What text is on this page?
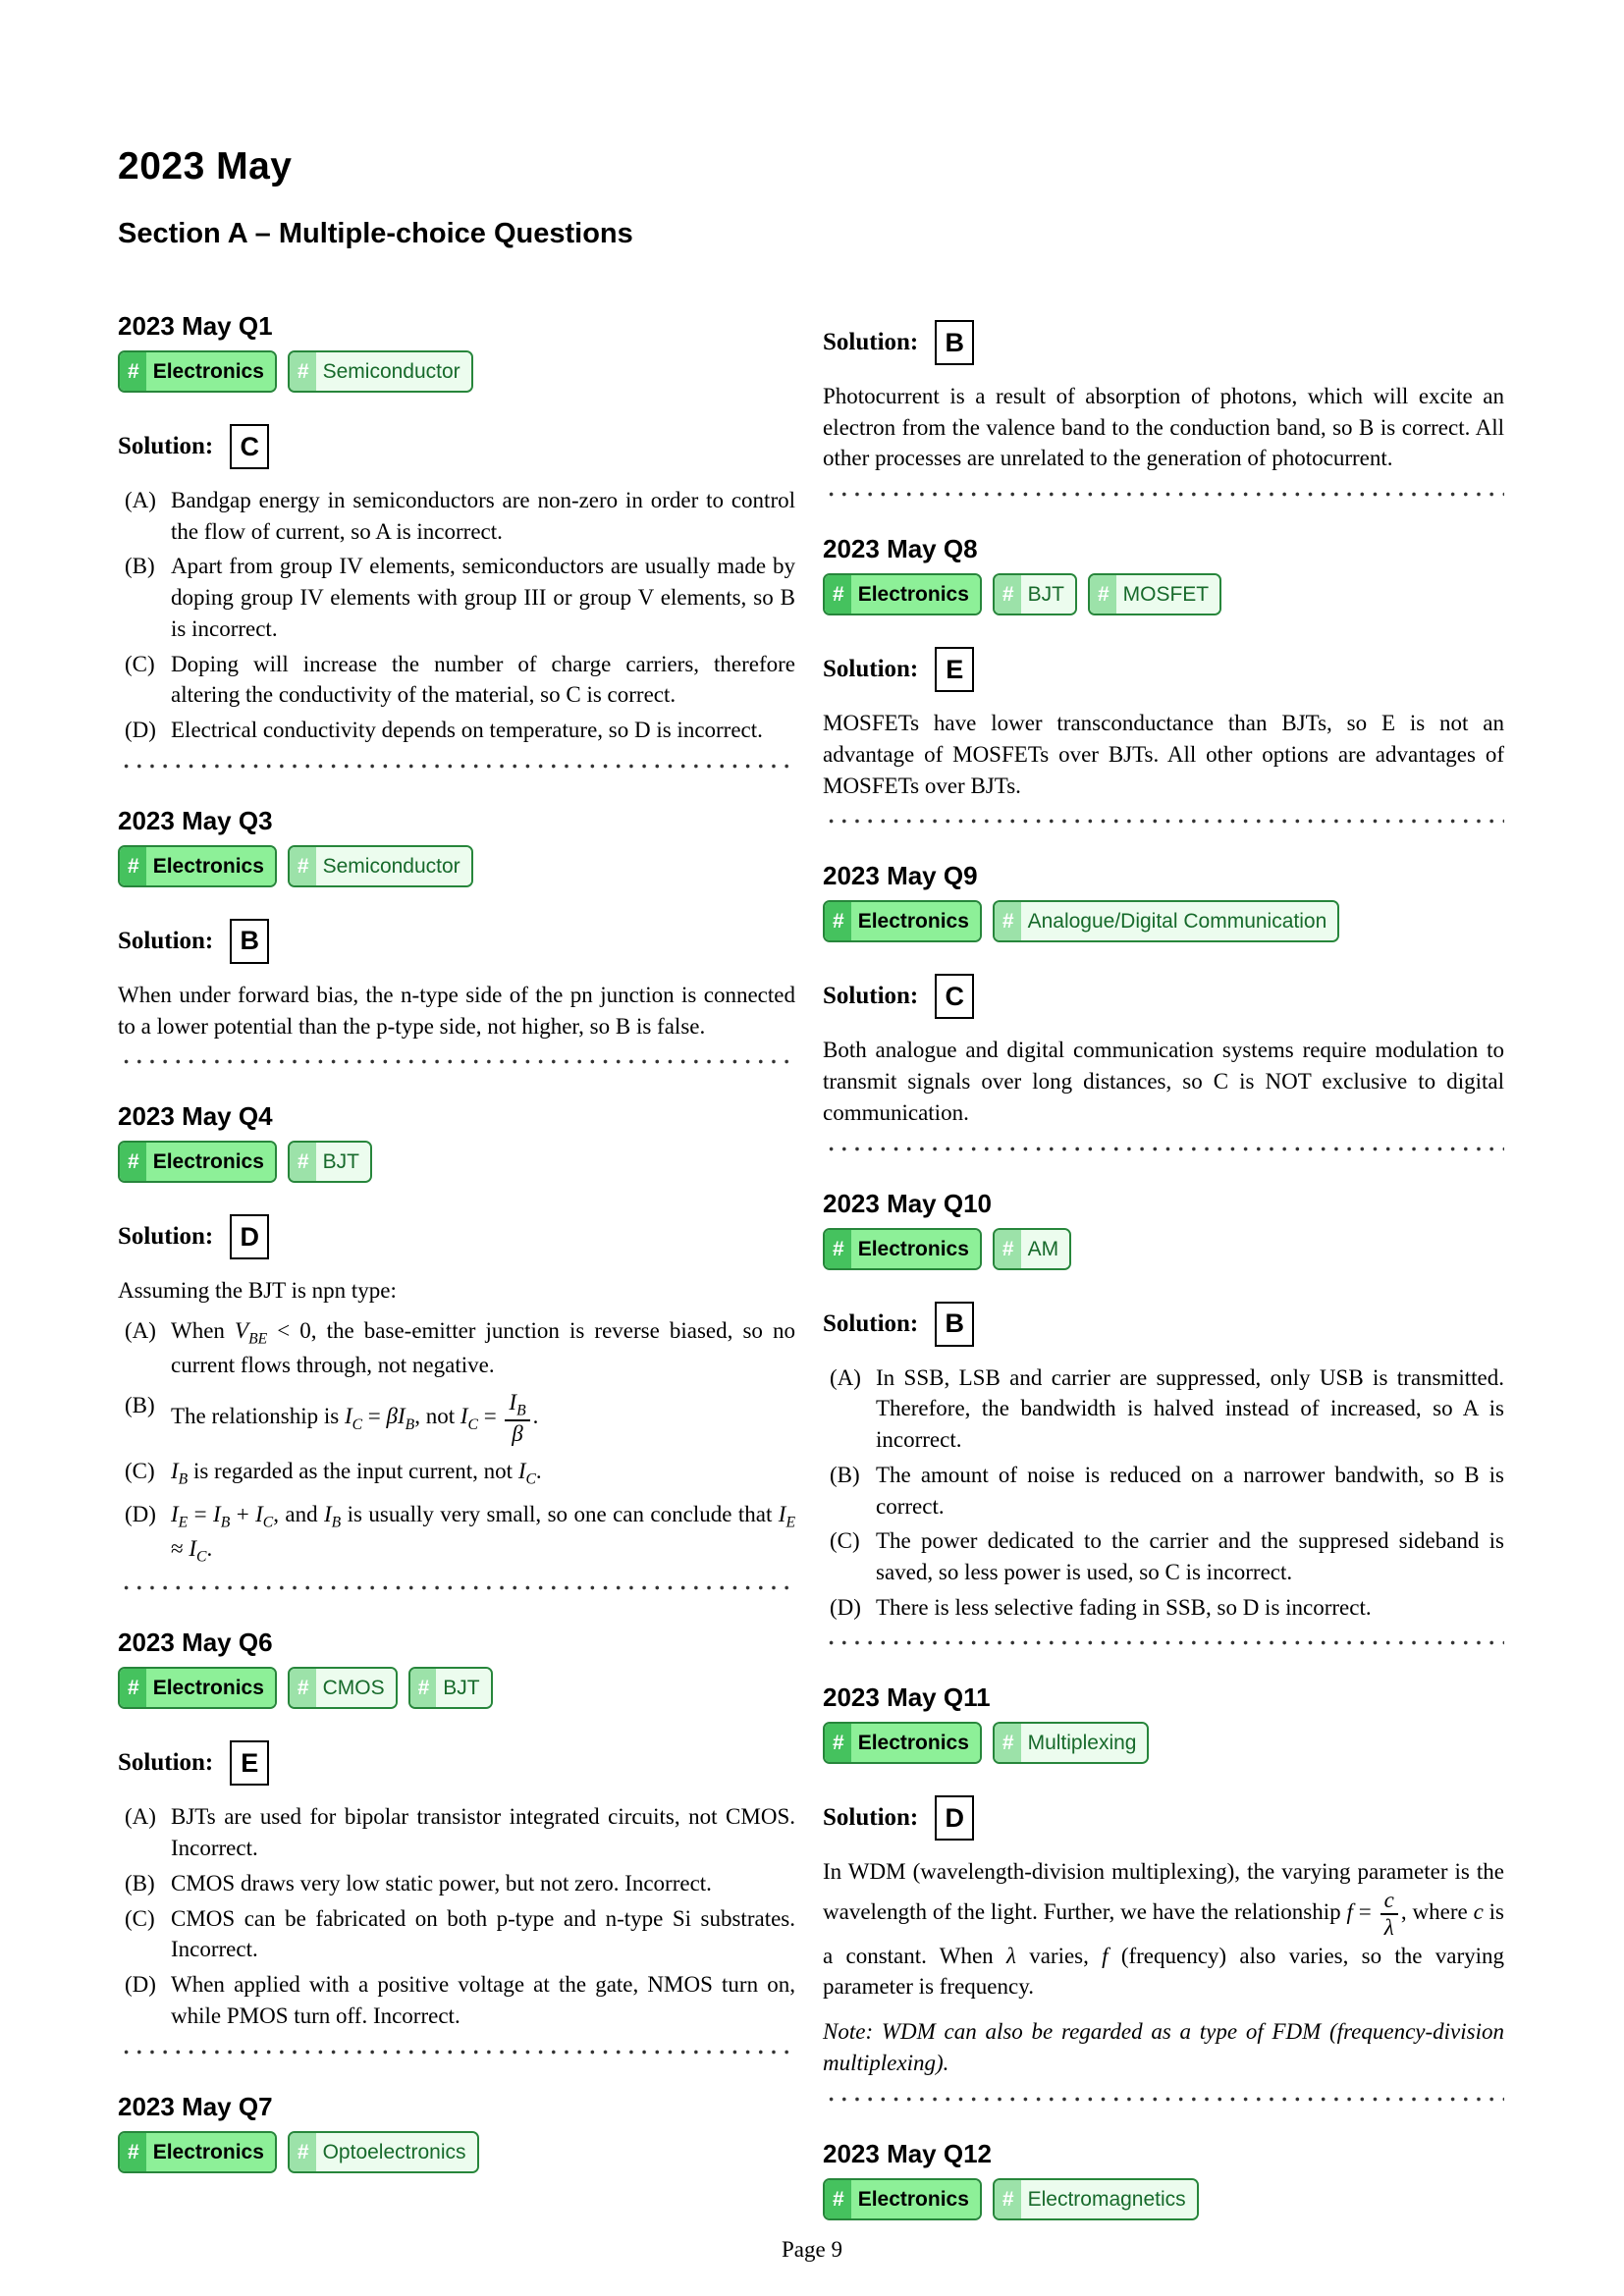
2023 May
Section A – Multiple-choice Questions
2023 May Q1
# Electronics	# Semiconductor
Solution:	C
(A) Bandgap energy in semiconductors are non-zero in order to control the flow of current, so A is incorrect.
(B) Apart from group IV elements, semiconductors are usually made by doping group IV elements with group III or group V elements, so B is incorrect.
(C) Doping will increase the number of charge carriers, therefore altering the conductivity of the material, so C is correct.
(D) Electrical conductivity depends on temperature, so D is incorrect.
2023 May Q3
# Electronics	# Semiconductor
Solution:	B

When under forward bias, the n-type side of the pn junction is connected to a lower potential than the p-type side, not higher, so B is false.

2023 May Q4
# Electronics	# BJT
Solution:	D

Assuming the BJT is npn type:

(A) When $V_{BE} < 0$, the base-emitter junction is reverse biased, so no current flows through, not negative.
(B) The relationship is $I_C = \beta I_B$, not $I_C = \frac{I_B}{\beta}$ .
(C) $I_B$ is regarded as the input current, not $I_C$.
(D) $I_E = I_B + I_C$, and $I_B$ is usually very small, so one can conclude that $I_E \approx I_C$.
2023 May Q6
# Electronics	# CMOS	# BJT
Solution:	E
(A) BJTs are used for bipolar transistor integrated circuits, not CMOS. Incorrect.
(B) CMOS draws very low static power, but not zero. Incorrect.
(C) CMOS can be fabricated on both p-type and n-type Si substrates. Incorrect.
(D) When applied with a positive voltage at the gate, NMOS turn on, while PMOS turn off. Incorrect.
2023 May Q7
# Electronics	# Optoelectronics
Solution:	B

Photocurrent is a result of absorption of photons, which will excite an electron from the valence band to the conduction band, so B is correct. All other processes are unrelated to the generation of photocurrent.

2023 May Q8
# Electronics	# BJT	# MOSFET
Solution:	E

MOSFETs have lower transconductance than BJTs, so E is not an advantage of MOSFETs over BJTs. All other options are advantages of MOSFETs over BJTs.

2023 May Q9
# Electronics	# Analogue/Digital Communication
Solution:	C

Both analogue and digital communication systems require modulation to transmit signals over long distances, so C is NOT exclusive to digital communication.

2023 May Q10
# Electronics	# AM
Solution:	B
(A) In SSB, LSB and carrier are suppressed, only USB is transmitted. Therefore, the bandwidth is halved instead of increased, so A is incorrect.
(B) The amount of noise is reduced on a narrower bandwith, so B is correct.
(C) The power dedicated to the carrier and the suppresed sideband is saved, so less power is used, so C is incorrect.
(D) There is less selective fading in SSB, so D is incorrect.
2023 May Q11
# Electronics	# Multiplexing
Solution:	D

In WDM (wavelength-division multiplexing), the varying parameter is the wavelength of the light. Further, we have the relationship $f = \frac{c}{\lambda}$ , where c is a constant. When λ varies, f (frequency) also varies, so the varying parameter is frequency.

Note: WDM can also be regarded as a type of FDM (frequency-division multiplexing).

2023 May Q12
# Electronics	# Electromagnetics
Page 9
